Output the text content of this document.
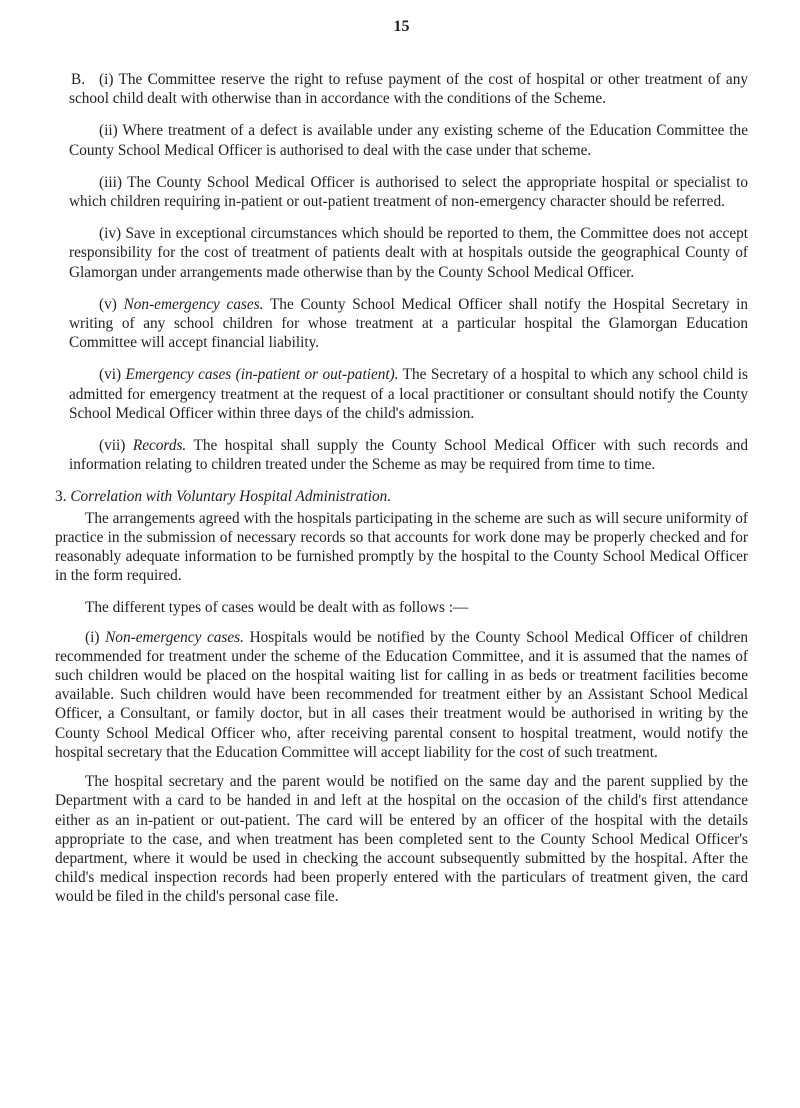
15

B. (i) The Committee reserve the right to refuse payment of the cost of hospital or other treatment of any school child dealt with otherwise than in accordance with the conditions of the Scheme.

(ii) Where treatment of a defect is available under any existing scheme of the Education Committee the County School Medical Officer is authorised to deal with the case under that scheme.

(iii) The County School Medical Officer is authorised to select the appropriate hospital or specialist to which children requiring in-patient or out-patient treatment of non-emergency character should be referred.

(iv) Save in exceptional circumstances which should be reported to them, the Committee does not accept responsibility for the cost of treatment of patients dealt with at hospitals outside the geographical County of Glamorgan under arrangements made otherwise than by the County School Medical Officer.

(v) Non-emergency cases. The County School Medical Officer shall notify the Hospital Secretary in writing of any school children for whose treatment at a particular hospital the Glamorgan Education Committee will accept financial liability.

(vi) Emergency cases (in-patient or out-patient). The Secretary of a hospital to which any school child is admitted for emergency treatment at the request of a local practitioner or consultant should notify the County School Medical Officer within three days of the child's admission.

(vii) Records. The hospital shall supply the County School Medical Officer with such records and information relating to children treated under the Scheme as may be required from time to time.

3. Correlation with Voluntary Hospital Administration.

The arrangements agreed with the hospitals participating in the scheme are such as will secure uniformity of practice in the submission of necessary records so that accounts for work done may be properly checked and for reasonably adequate information to be furnished promptly by the hospital to the County School Medical Officer in the form required.

The different types of cases would be dealt with as follows :—

(i) Non-emergency cases. Hospitals would be notified by the County School Medical Officer of children recommended for treatment under the scheme of the Education Committee, and it is assumed that the names of such children would be placed on the hospital waiting list for calling in as beds or treatment facilities become available. Such children would have been recommended for treatment either by an Assistant School Medical Officer, a Consultant, or family doctor, but in all cases their treatment would be authorised in writing by the County School Medical Officer who, after receiving parental consent to hospital treatment, would notify the hospital secretary that the Education Committee will accept liability for the cost of such treatment.

The hospital secretary and the parent would be notified on the same day and the parent supplied by the Department with a card to be handed in and left at the hospital on the occasion of the child's first attendance either as an in-patient or out-patient. The card will be entered by an officer of the hospital with the details appropriate to the case, and when treatment has been completed sent to the County School Medical Officer's department, where it would be used in checking the account subsequently submitted by the hospital. After the child's medical inspection records had been properly entered with the particulars of treatment given, the card would be filed in the child's personal case file.
